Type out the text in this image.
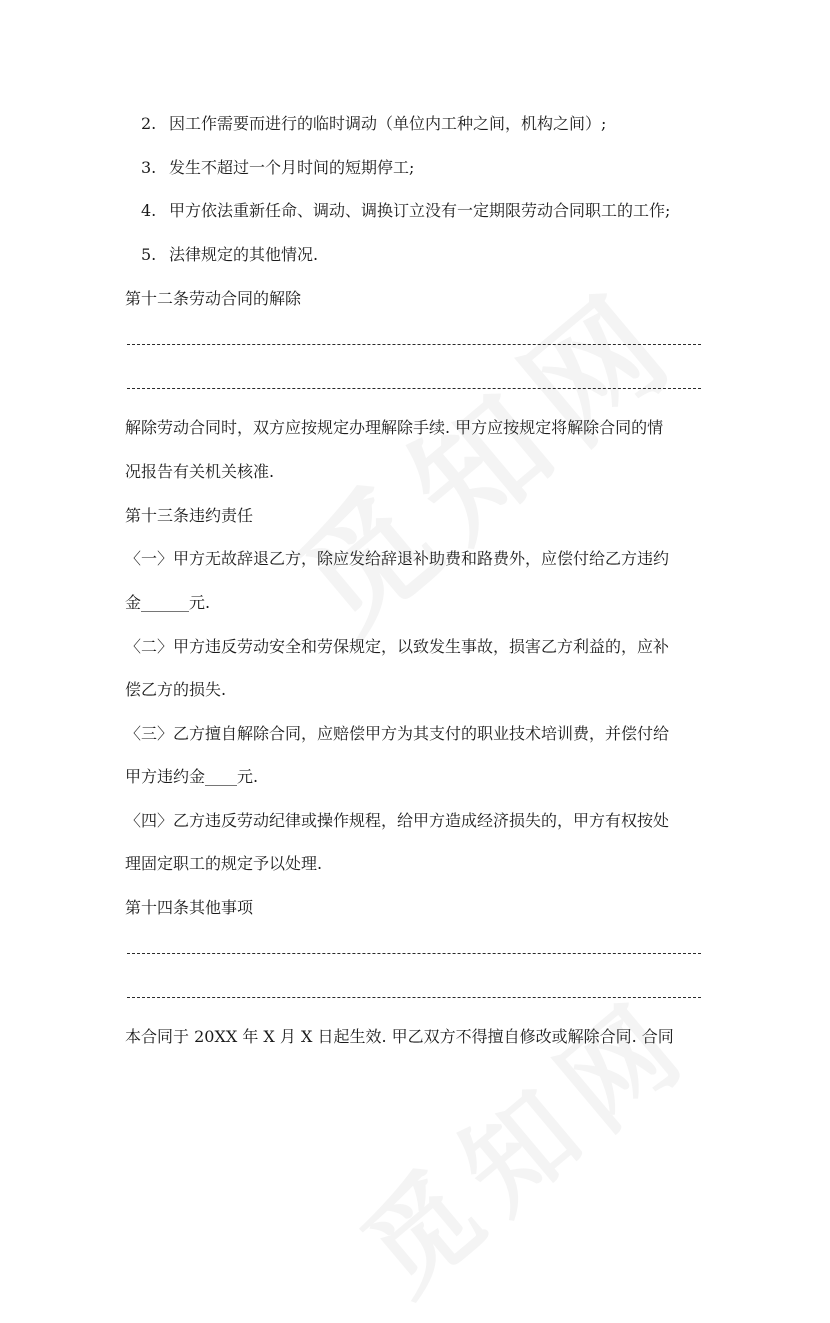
2. 因工作需要而进行的临时调动（单位内工种之间，机构之间）;
3. 发生不超过一个月时间的短期停工;
4. 甲方依法重新任命、调动、调换订立没有一定期限劳动合同职工的工作;
5. 法律规定的其他情况.
第十二条劳动合同的解除
解除劳动合同时，双方应按规定办理解除手续. 甲方应按规定将解除合同的情
况报告有关机关核准.
第十三条违约责任
〈一〉甲方无故辞退乙方，除应发给辞退补助费和路费外，应偿付给乙方违约
金______元.
〈二〉甲方违反劳动安全和劳保规定，以致发生事故，损害乙方利益的，应补
偿乙方的损失.
〈三〉乙方擅自解除合同，应赔偿甲方为其支付的职业技术培训费，并偿付给
甲方违约金____元.
〈四〉乙方违反劳动纪律或操作规程，给甲方造成经济损失的，甲方有权按处
理固定职工的规定予以处理.
第十四条其他事项
本合同于 20XX 年 X 月 X 日起生效. 甲乙双方不得擅自修改或解除合同. 合同
